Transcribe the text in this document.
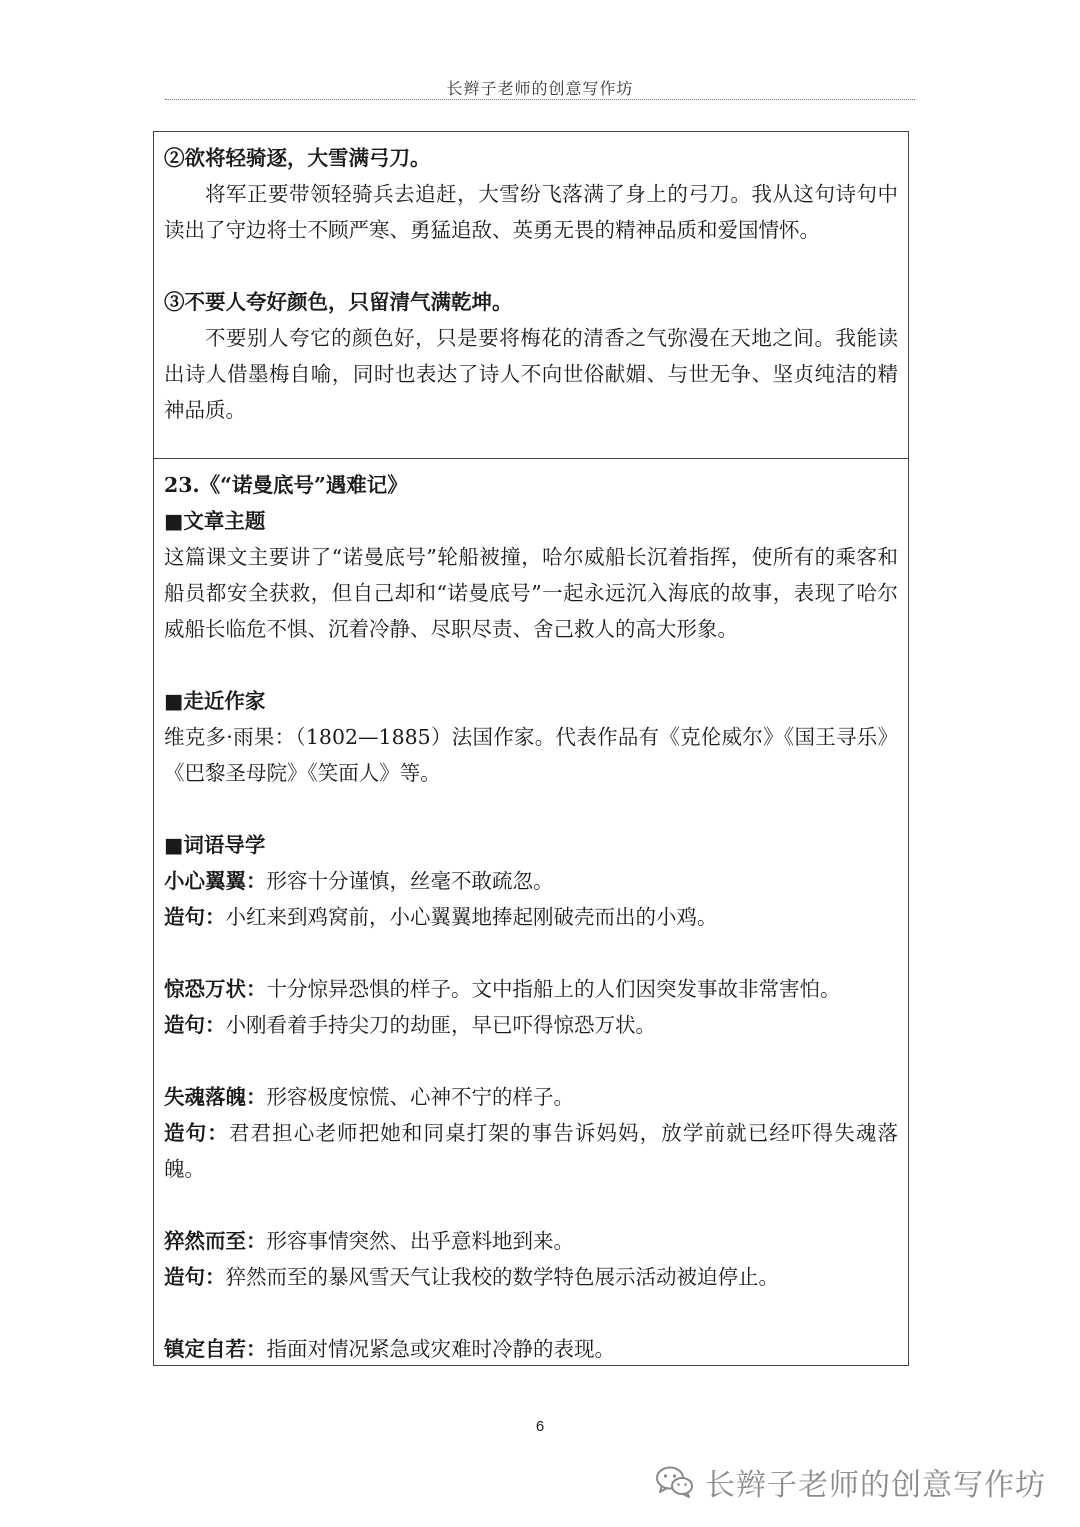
长辫子老师的创意写作坊

②欲将轻骑逐，大雪满弓刀。

将军正要带领轻骑兵去追赶，大雪纷飞落满了身上的弓刀。我从这句诗句中读出了守边将士不顾严寒、勇猛追敌、英勇无畏的精神品质和爱国情怀。

③不要人夸好颜色，只留清气满乾坤。

不要别人夸它的颜色好，只是要将梅花的清香之气弥漫在天地之间。我能读出诗人借墨梅自喻，同时也表达了诗人不向世俗献媚、与世无争、坚贞纯洁的精神品质。

23.《“诺曼底号”遇难记》

■文章主题

这篇课文主要讲了“诺曼底号”轮船被撞，哈尔威船长沉着指挥，使所有的乘客和船员都安全获救，但自己却和“诺曼底号”一起永远沉入海底的故事，表现了哈尔威船长临危不惧、沉着冷静、尽职尽责、舍己救人的高大形象。

■走近作家

维克多·雨果：（1802—1885）法国作家。代表作品有《克伦威尔》《国王寻乐》《巴黎圣母院》《笑面人》等。

■词语导学

小心翼翼：形容十分谨慎，丝毫不敢疏忽。

造句：小红来到鸡窝前，小心翼翼地捧起刚破壳而出的小鸡。

惊恐万状：十分惊异恐惧的样子。文中指船上的人们因突发事故非常害怕。

造句：小刚看着手持尖刀的劫匪，早已吓得惊恐万状。

失魂落魄：形容极度惊慌、心神不宁的样子。

造句：君君担心老师把她和同桌打架的事告诉妈妈，放学前就已经吓得失魂落魄。

猝然而至：形容事情突然、出乎意料地到来。

造句：猝然而至的暴风雪天气让我校的数学特色展示活动被迫停止。

镇定自若：指面对情况紧急或灾难时冷静的表现。

6
长辫子老师的创意写作坊
